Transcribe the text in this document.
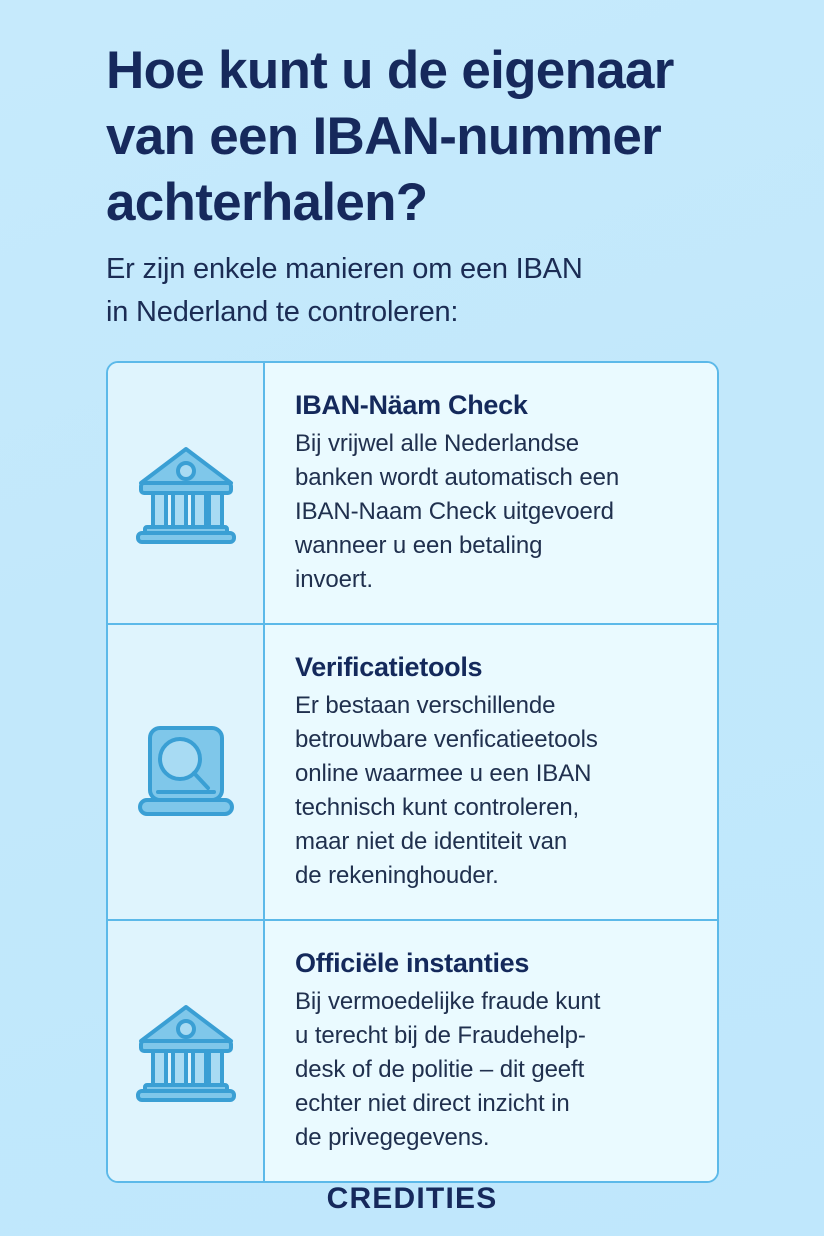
Hoe kunt u de eigenaar
van een IBAN-nummer
achterhalen?

Er zijn enkele manieren om een IBAN
in Nederland te controleren:

IBAN-Näam Check

Bij vrijwel alle Nederlandse
banken wordt automatisch een
IBAN-Naam Check uitgevoerd
wanneer u een betaling
invoert.

Verificatietools

Er bestaan verschillende
betrouwbare venficatieetools
online waarmee u een IBAN
technisch kunt controleren,
maar niet de identiteit van
de rekeninghouder.

Officiële instanties

Bij vermoedelijke fraude kunt
u terecht bij de Fraudehelp-
desk of de politie – dit geeft
echter niet direct inzicht in
de privegegevens.

CREDITIES
